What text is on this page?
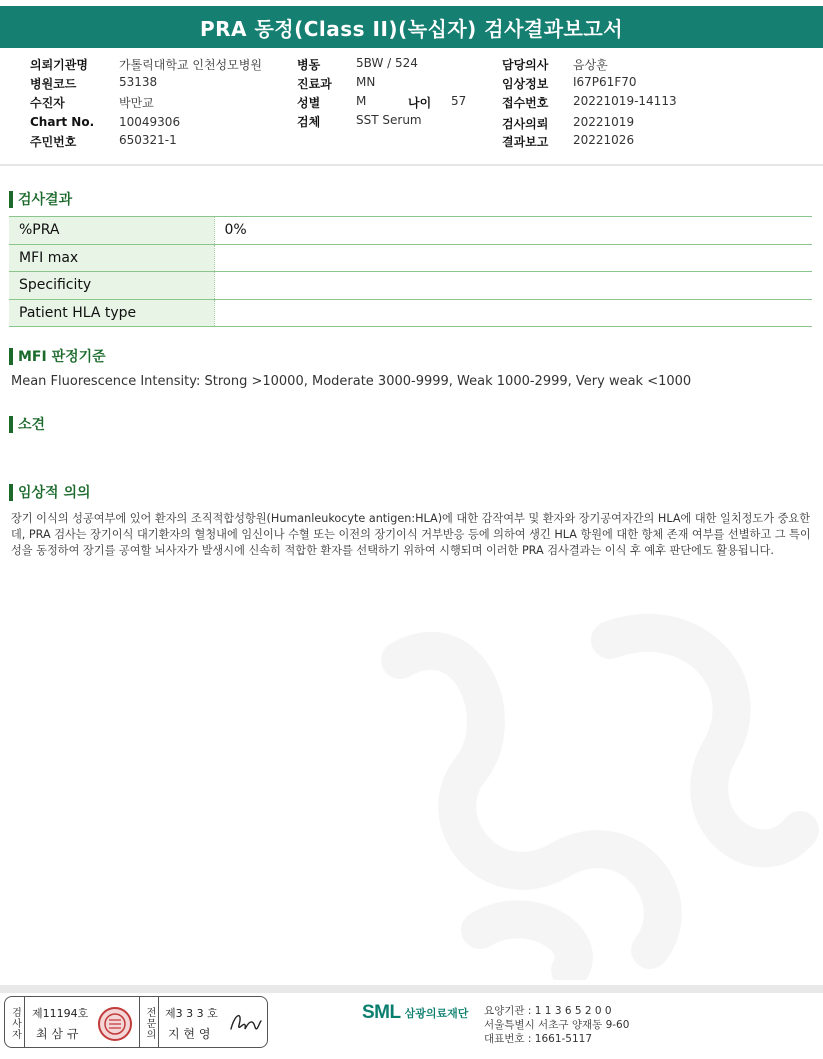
PRA 동정(Class II)(녹십자) 검사결과보고서
의뢰기관명	가톨릭대학교 인천성모병원
병원코드	53138
수진자	박만교
Chart No. 10049306
주민번호	650321-1
병동	5BW / 524
진료과 MN
성별	M	나이 57
검체	SST Serum
담당의사 음상훈
임상정보 I67P61F70
접수번호 20221019-14113
검사의뢰 20221019
결과보고 20221026
검사결과
%PRA	0%
MFI max	
Specificity	
Patient HLA type	
MFI 판정기준
Mean Fluorescence Intensity: Strong >10000, Moderate 3000-9999, Weak 1000-2999, Very weak <1000
소견
임상적 의의
장기 이식의 성공여부에 있어 환자의 조직적합성항원(Humanleukocyte antigen:HLA)에 대한 감작여부 및 환자와 장기공여자간의 HLA에 대한 일치정도가 중요한데, PRA 검사는 장기이식 대기환자의 혈청내에 임신이나 수혈 또는 이전의 장기이식 거부반응 등에 의하여 생긴 HLA 항원에 대한 항체 존재 여부를 선별하고 그 특이성을 동정하여 장기를 공여할 뇌사자가 발생시에 신속히 적합한 환자를 선택하기 위하여 시행되며 이러한 PRA 검사결과는 이식 후 예후 판단에도 활용됩니다.
검사자 제11194호
최 삼 규	전문의 제3 3 3 호
지 현 영
SML 삼광의료재단 요양기관 : 1 1 3 6 5 2 0 0
서울특별시 서초구 양재동 9-60
대표번호 : 1661-5117
